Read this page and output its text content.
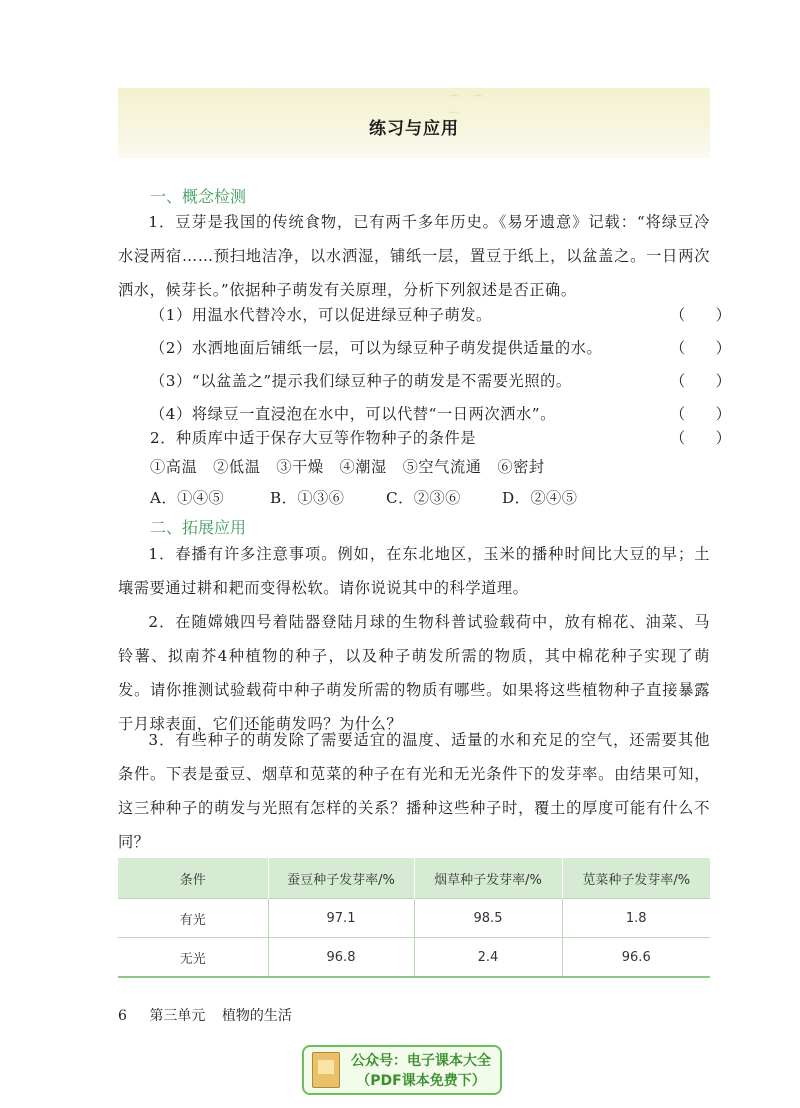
⌒ ⌒ ⌒
练习与应用
一、概念检测
1．豆芽是我国的传统食物，已有两千多年历史。《易牙遗意》记载：“将绿豆冷水浸两宿……预扫地洁净，以水洒湿，铺纸一层，置豆于纸上，以盆盖之。一日两次洒水，候芽长。”依据种子萌发有关原理，分析下列叙述是否正确。
（1）用温水代替冷水，可以促进绿豆种子萌发。	（　　）
（2）水洒地面后铺纸一层，可以为绿豆种子萌发提供适量的水。	（　　）
（3）“以盆盖之”提示我们绿豆种子的萌发是不需要光照的。	（　　）
（4）将绿豆一直浸泡在水中，可以代替“一日两次洒水”。	（　　）
2．种质库中适于保存大豆等作物种子的条件是	（　　）
①高温　②低温　③干燥　④潮湿　⑤空气流通　⑥密封
A．①④⑤	B．①③⑥	C．②③⑥	D．②④⑤
二、拓展应用
1．春播有许多注意事项。例如，在东北地区，玉米的播种时间比大豆的早；土壤需要通过耕和耙而变得松软。请你说说其中的科学道理。
2．在随嫦娥四号着陆器登陆月球的生物科普试验载荷中，放有棉花、油菜、马铃薯、拟南芥4种植物的种子，以及种子萌发所需的物质，其中棉花种子实现了萌发。请你推测试验载荷中种子萌发所需的物质有哪些。如果将这些植物种子直接暴露于月球表面，它们还能萌发吗？为什么？
3．有些种子的萌发除了需要适宜的温度、适量的水和充足的空气，还需要其他条件。下表是蚕豆、烟草和苋菜的种子在有光和无光条件下的发芽率。由结果可知，这三种种子的萌发与光照有怎样的关系？播种这些种子时，覆土的厚度可能有什么不同？
条件	蚕豆种子发芽率/%	烟草种子发芽率/%	苋菜种子发芽率/%
有光	97.1	98.5	1.8
无光	96.8	2.4	96.6
6 第三单元 植物的生活
公众号：电子课本大全
（PDF课本免费下）
